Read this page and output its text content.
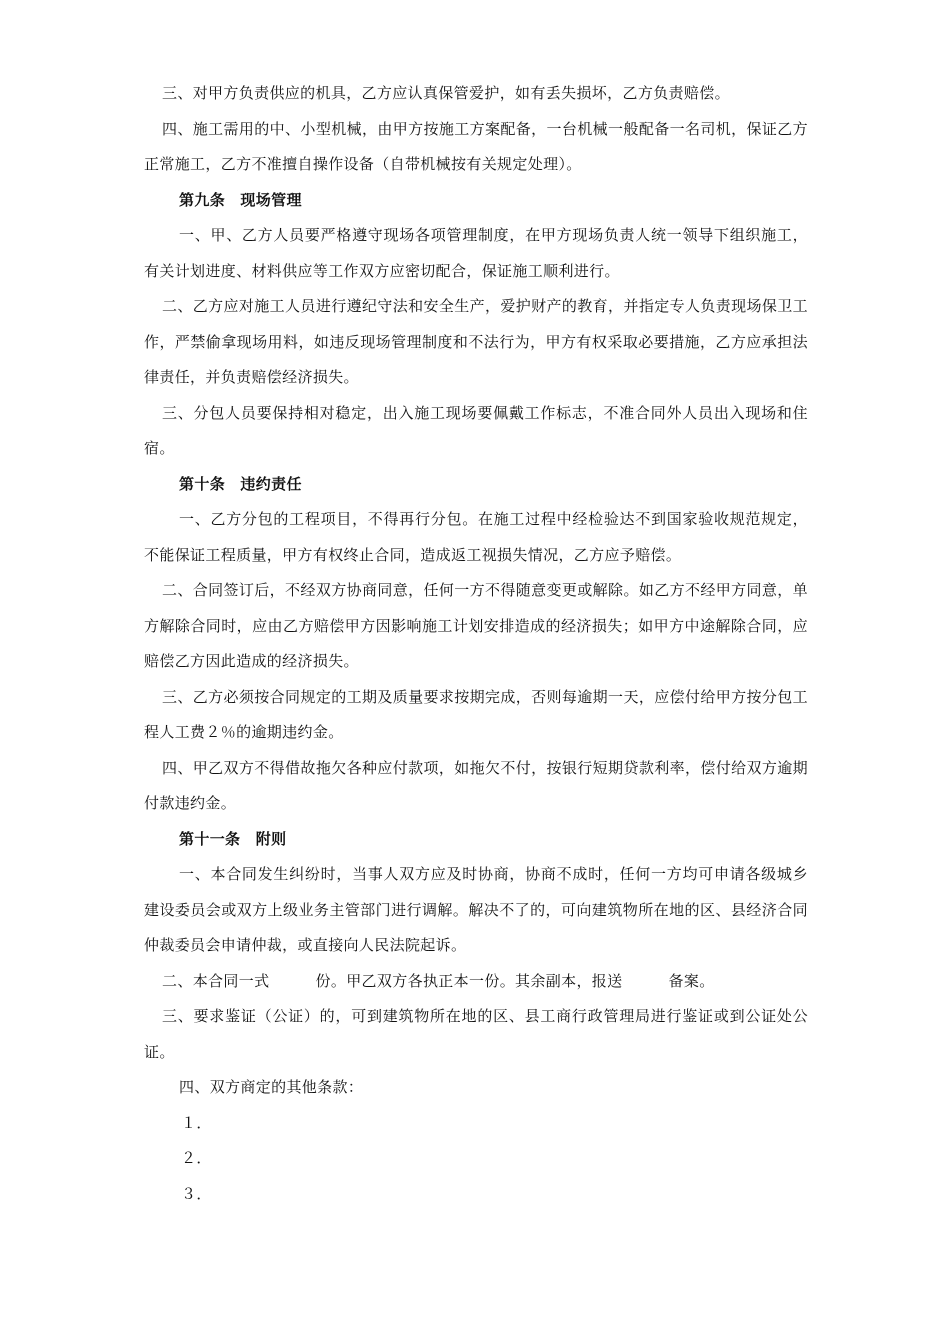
三、对甲方负责供应的机具，乙方应认真保管爱护，如有丢失损坏，乙方负责赔偿。

四、施工需用的中、小型机械，由甲方按施工方案配备，一台机械一般配备一名司机，保证乙方正常施工，乙方不准擅自操作设备（自带机械按有关规定处理）。

第九条　现场管理

一、甲、乙方人员要严格遵守现场各项管理制度，在甲方现场负责人统一领导下组织施工，有关计划进度、材料供应等工作双方应密切配合，保证施工顺利进行。

二、乙方应对施工人员进行遵纪守法和安全生产，爱护财产的教育，并指定专人负责现场保卫工作，严禁偷拿现场用料，如违反现场管理制度和不法行为，甲方有权采取必要措施，乙方应承担法律责任，并负责赔偿经济损失。

三、分包人员要保持相对稳定，出入施工现场要佩戴工作标志，不准合同外人员出入现场和住宿。

第十条　违约责任

一、乙方分包的工程项目，不得再行分包。在施工过程中经检验达不到国家验收规范规定，不能保证工程质量，甲方有权终止合同，造成返工视损失情况，乙方应予赔偿。

二、合同签订后，不经双方协商同意，任何一方不得随意变更或解除。如乙方不经甲方同意，单方解除合同时，应由乙方赔偿甲方因影响施工计划安排造成的经济损失；如甲方中途解除合同，应赔偿乙方因此造成的经济损失。

三、乙方必须按合同规定的工期及质量要求按期完成，否则每逾期一天，应偿付给甲方按分包工程人工费２％的逾期违约金。

四、甲乙双方不得借故拖欠各种应付款项，如拖欠不付，按银行短期贷款利率，偿付给双方逾期付款违约金。

第十一条　附则

一、本合同发生纠纷时，当事人双方应及时协商，协商不成时，任何一方均可申请各级城乡建设委员会或双方上级业务主管部门进行调解。解决不了的，可向建筑物所在地的区、县经济合同仲裁委员会申请仲裁，或直接向人民法院起诉。

二、本合同一式　　　份。甲乙双方各执正本一份。其余副本，报送　　　备案。

三、要求鉴证（公证）的，可到建筑物所在地的区、县工商行政管理局进行鉴证或到公证处公证。

四、双方商定的其他条款：

１．

２．

３．
